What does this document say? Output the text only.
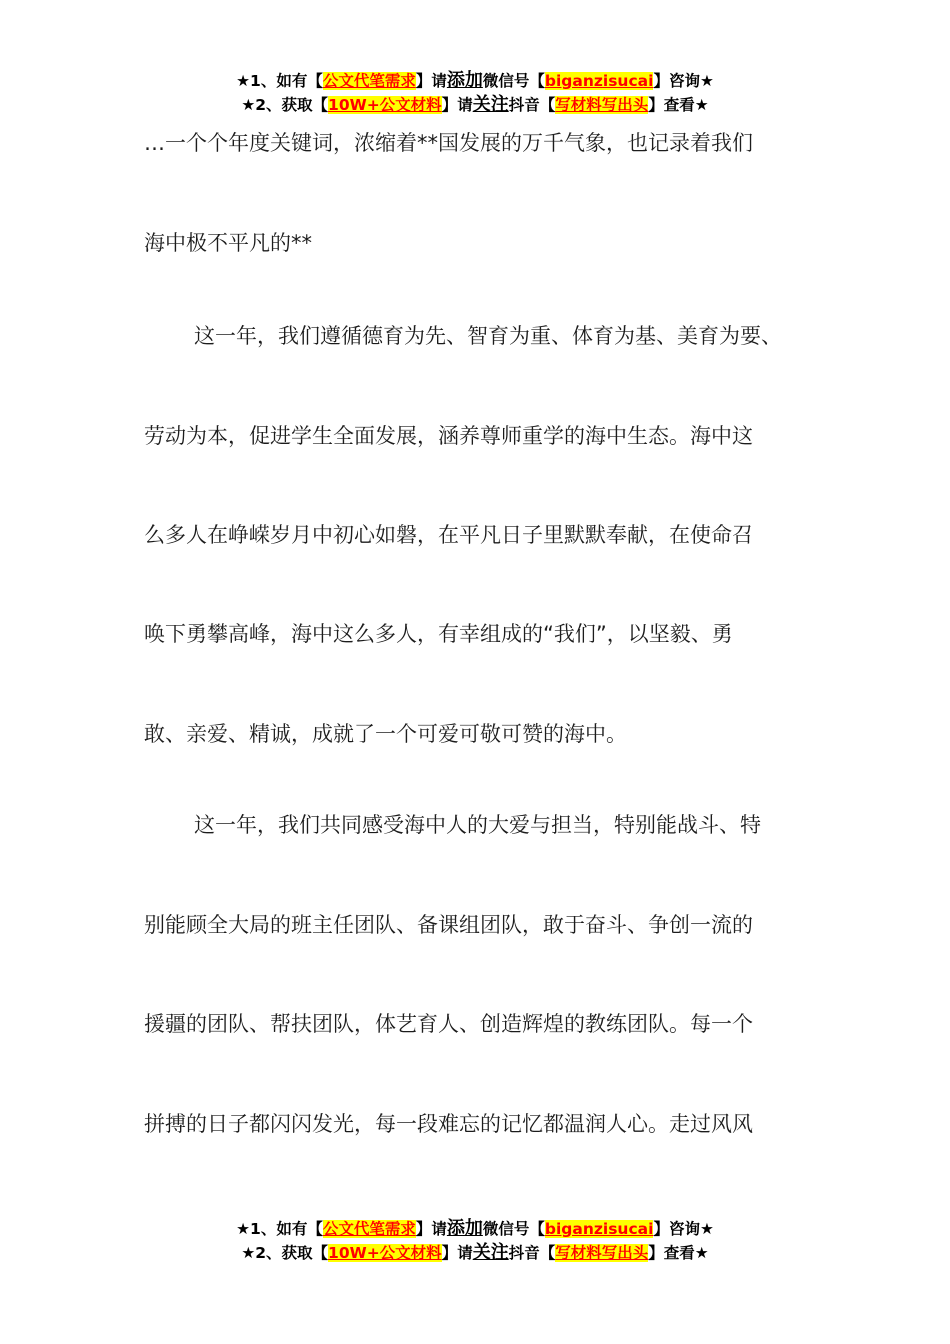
★1、如有【公文代笔需求】请添加微信号【biganzisucai】咨询★
★2、获取【10W+公文材料】请关注抖音【写材料写出头】查看★
…一个个年度关键词，浓缩着**国发展的万千气象，也记录着我们
海中极不平凡的**
这一年，我们遵循德育为先、智育为重、体育为基、美育为要、
劳动为本，促进学生全面发展，涵养尊师重学的海中生态。海中这
么多人在峥嵘岁月中初心如磐，在平凡日子里默默奉献，在使命召
唤下勇攀高峰，海中这么多人，有幸组成的“我们”，以坚毅、勇
敢、亲爱、精诚，成就了一个可爱可敬可赞的海中。
这一年，我们共同感受海中人的大爱与担当，特别能战斗、特
别能顾全大局的班主任团队、备课组团队，敢于奋斗、争创一流的
援疆的团队、帮扶团队，体艺育人、创造辉煌的教练团队。每一个
拼搏的日子都闪闪发光，每一段难忘的记忆都温润人心。走过风风
★1、如有【公文代笔需求】请添加微信号【biganzisucai】咨询★
★2、获取【10W+公文材料】请关注抖音【写材料写出头】查看★
